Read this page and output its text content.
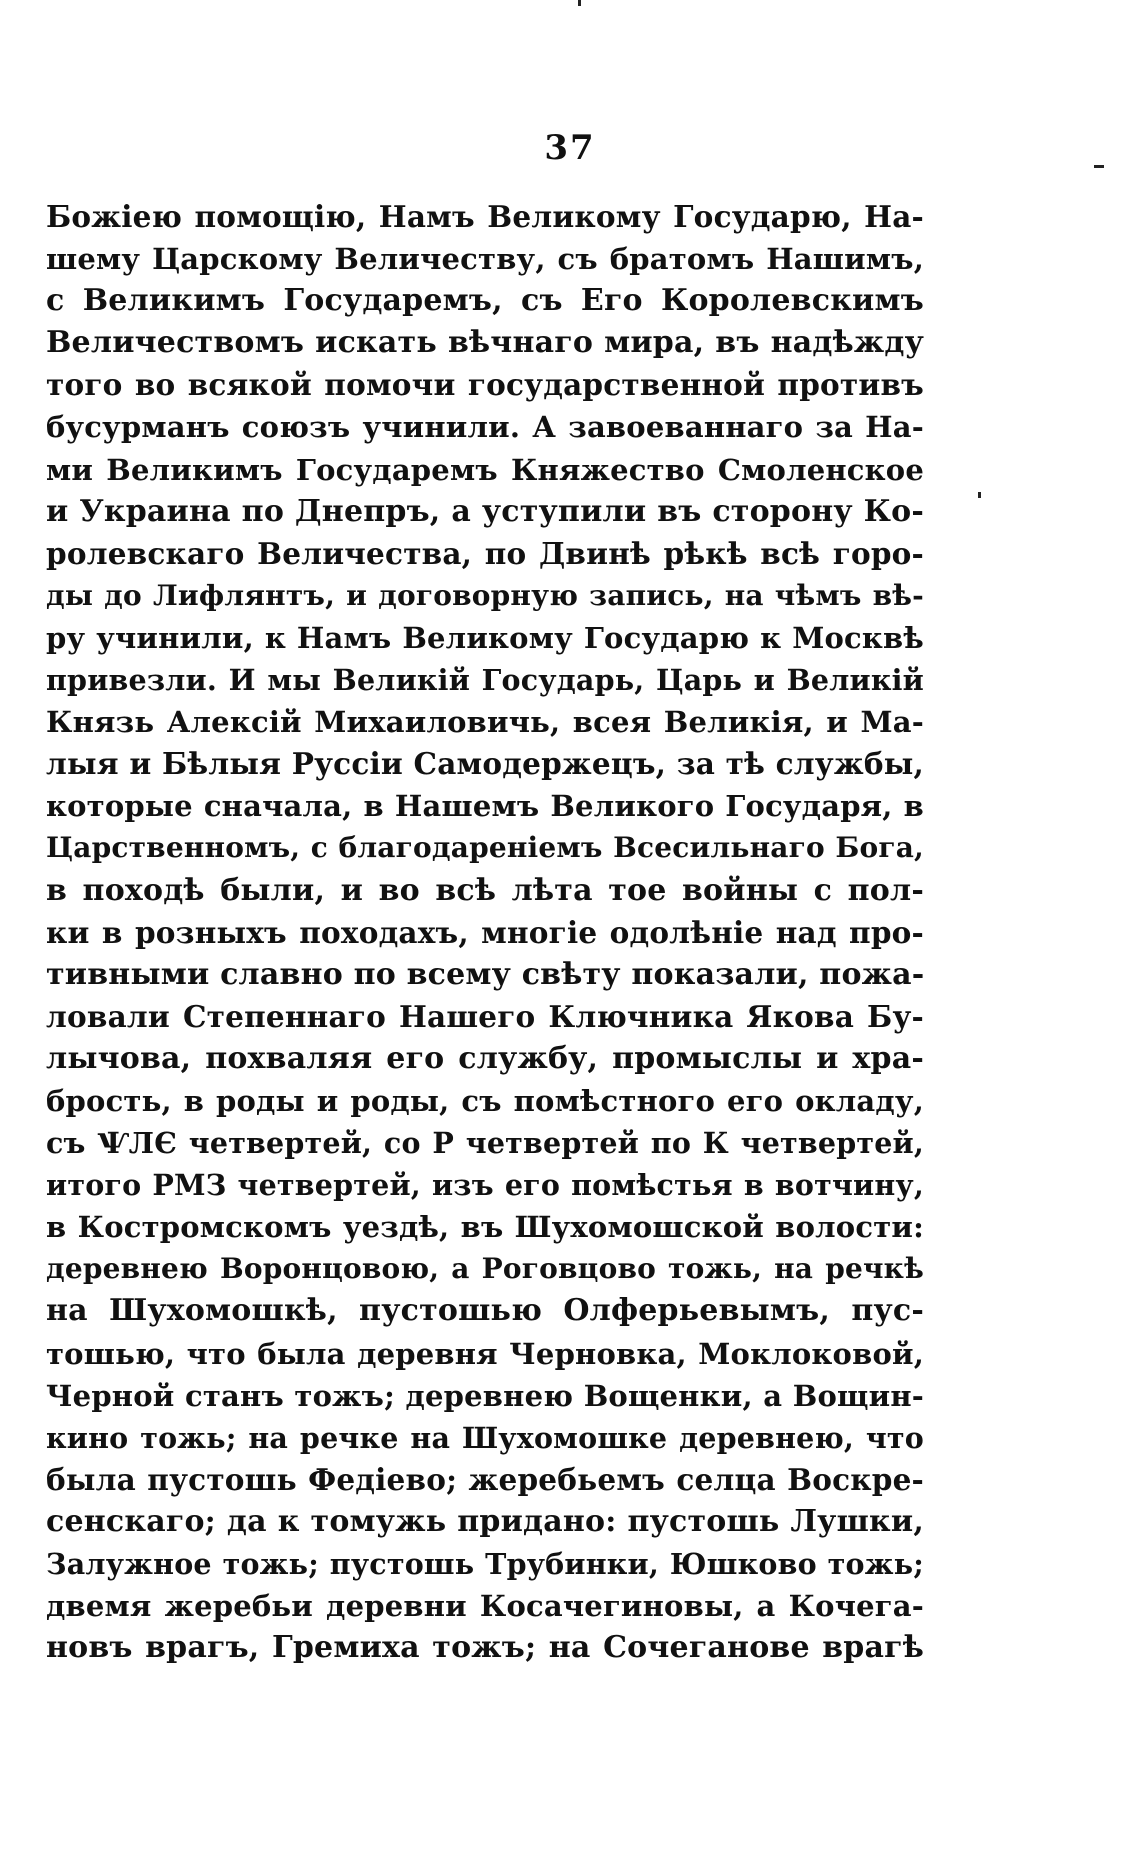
37
Божіею помощію, Намъ Великому Государю, На-
шему Царскому Величеству, съ братомъ Нашимъ,
с Великимъ Государемъ, съ Его Королевскимъ
Величествомъ искать вѣчнаго мира, въ надѣжду
того во всякой помочи государственной противъ
бусурманъ союзъ учинили. А завоеваннаго за На-
ми Великимъ Государемъ Княжество Смоленское
и Украина по Днепръ, а уступили въ сторону Ко-
ролевскаго Величества, по Двинѣ рѣкѣ всѣ горо-
ды до Лифлянтъ, и договорную запись, на чѣмъ вѣ-
ру учинили, к Намъ Великому Государю к Москвѣ
привезли. И мы Великій Государь, Царь и Великій
Князь Алексій Михаиловичь, всея Великія, и Ма-
лыя и Бѣлыя Руссіи Самодержецъ, за тѣ службы,
которые сначала, в Нашемъ Великого Государя, в
Царственномъ, с благодареніемъ Всесильнаго Бога,
в походѣ были, и во всѣ лѣта тое войны с пол-
ки в розныхъ походахъ, многіе одолѣніе над про-
тивными славно по всему свѣту показали, пожа-
ловали Степеннаго Нашего Ключника Якова Бу-
лычова, похваляя его службу, промыслы и хра-
брость, в роды и роды, съ помѣстного его окладу,
съ ѰЛЄ четвертей, со Р четвертей по К четвертей,
итого РМЗ четвертей, изъ его помѣстья в вотчину,
в Костромскомъ уездѣ, въ Шухомошской волости:
деревнею Воронцовою, а Роговцово тожь, на речкѣ
на Шухомошкѣ, пустошью Олферьевымъ, пус-
тошью, что была деревня Черновка, Моклоковой,
Черной станъ тожъ; деревнею Вощенки, а Вощин-
кино тожь; на речке на Шухомошке деревнею, что
была пустошь Федіево; жеребьемъ селца Воскре-
сенскаго; да к томужь придано: пустошь Лушки,
Залужное тожь; пустошь Трубинки, Юшково тожь;
двемя жеребьи деревни Косачегиновы, а Кочега-
новъ врагъ, Гремиха тожъ; на Сочеганове врагѣ
